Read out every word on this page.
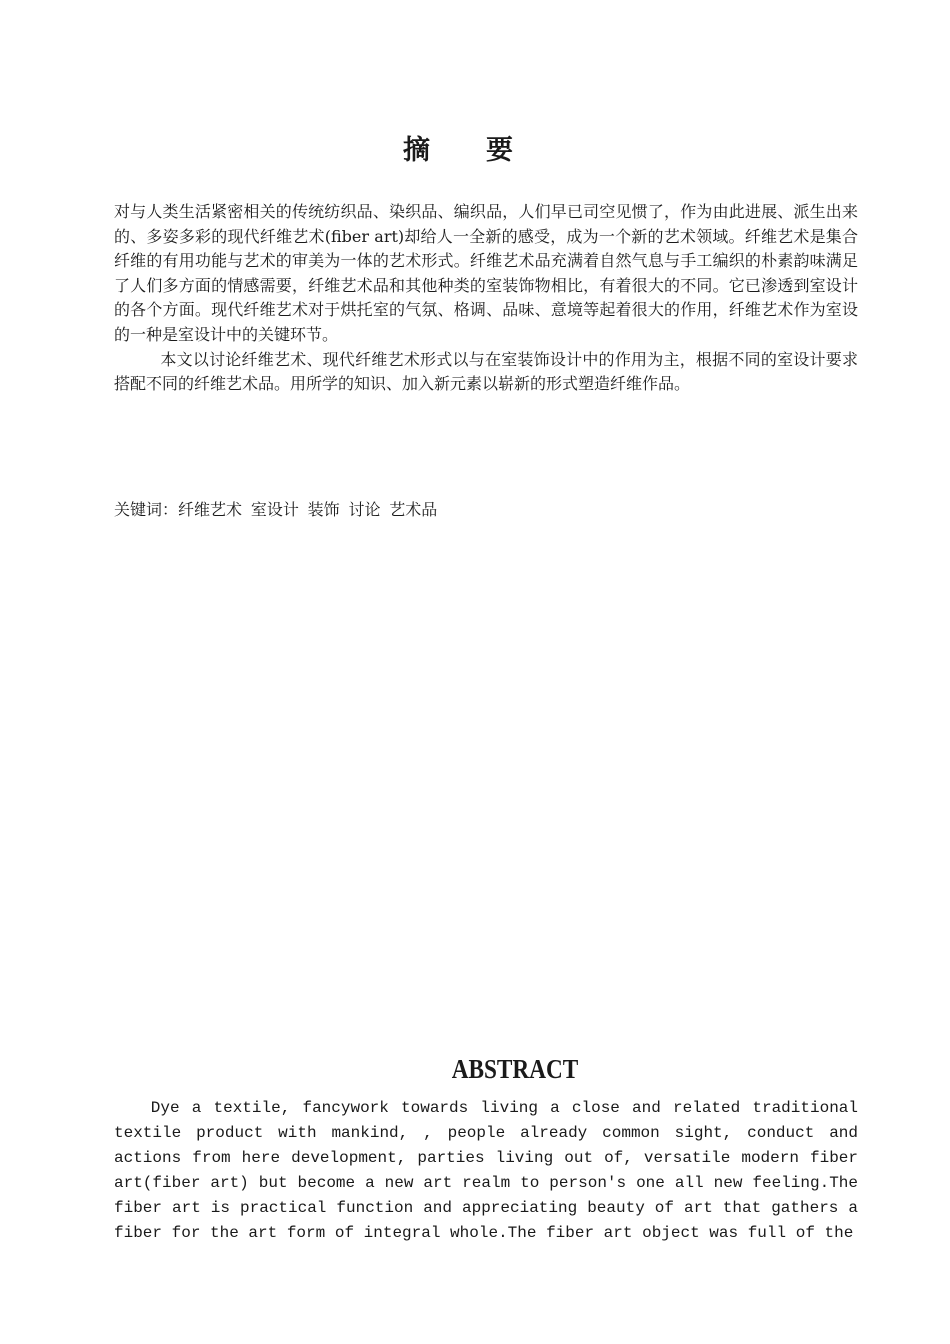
摘要

对与人类生活紧密相关的传统纺织品、染织品、编织品，人们早已司空见惯了，作为由此进展、派生出来的、多姿多彩的现代纤维艺术(fiber art)却给人一全新的感受，成为一个新的艺术领域。纤维艺术是集合纤维的有用功能与艺术的审美为一体的艺术形式。纤维艺术品充满着自然气息与手工编织的朴素韵味满足了人们多方面的情感需要，纤维艺术品和其他种类的室装饰物相比，有着很大的不同。它已渗透到室设计的各个方面。现代纤维艺术对于烘托室的气氛、格调、品味、意境等起着很大的作用，纤维艺术作为室设的一种是室设计中的关键环节。

本文以讨论纤维艺术、现代纤维艺术形式以与在室装饰设计中的作用为主，根据不同的室设计要求搭配不同的纤维艺术品。用所学的知识、加入新元素以崭新的形式塑造纤维作品。

关键词：纤维艺术 室设计 装饰 讨论 艺术品
ABSTRACT

Dye a textile, fancywork towards living a close and related traditional textile product with mankind, , people already common sight, conduct and actions from here development, parties living out of, versatile modern fiber art(fiber art) but become a new art realm to person's one all new feeling.The fiber art is practical function and appreciating beauty of art that gathers a fiber for the art form of integral whole.The fiber art object was full of the
